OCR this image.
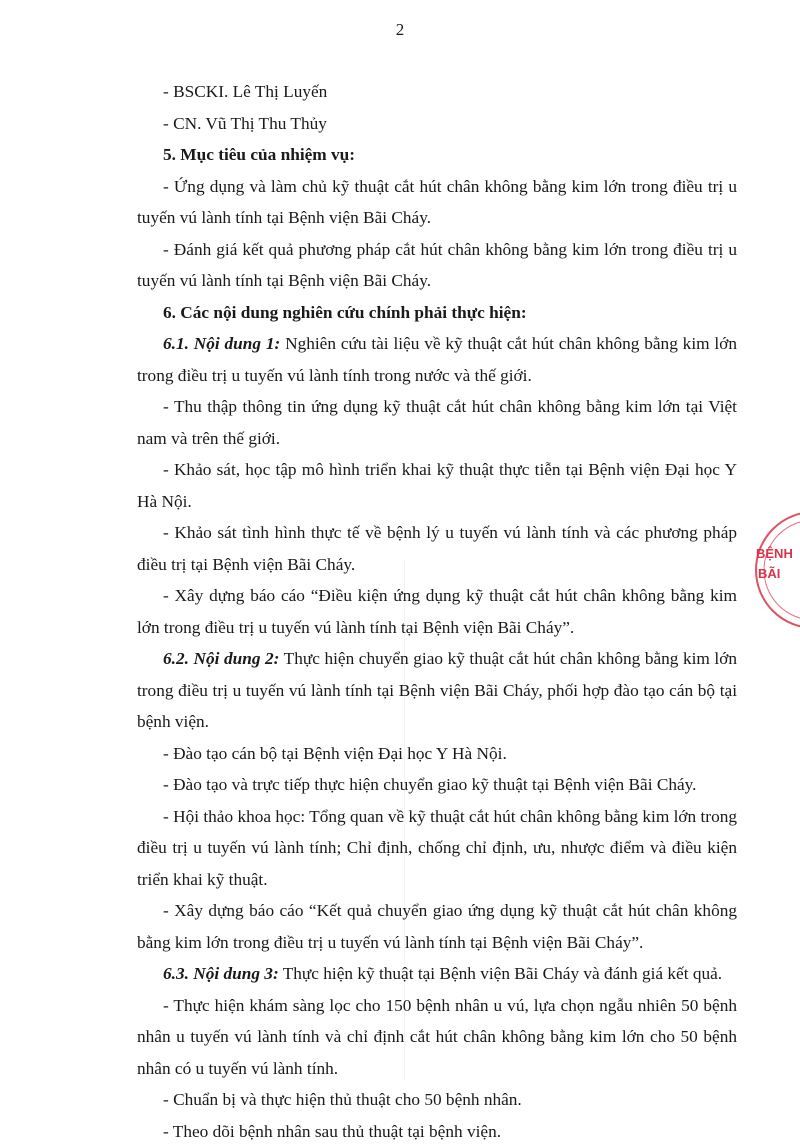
2

- BSCKI. Lê Thị Luyến

- CN. Vũ Thị Thu Thủy

5. Mục tiêu của nhiệm vụ:

- Ứng dụng và làm chủ kỹ thuật cắt hút chân không bằng kim lớn trong điều trị u tuyến vú lành tính tại Bệnh viện Bãi Cháy.

- Đánh giá kết quả phương pháp cắt hút chân không bằng kim lớn trong điều trị u tuyến vú lành tính tại Bệnh viện Bãi Cháy.

6. Các nội dung nghiên cứu chính phải thực hiện:

6.1. Nội dung 1: Nghiên cứu tài liệu về kỹ thuật cắt hút chân không bằng kim lớn trong điều trị u tuyến vú lành tính trong nước và thế giới.

- Thu thập thông tin ứng dụng kỹ thuật cắt hút chân không bằng kim lớn tại Việt nam và trên thế giới.

- Khảo sát, học tập mô hình triển khai kỹ thuật thực tiễn tại Bệnh viện Đại học Y Hà Nội.

- Khảo sát tình hình thực tế về bệnh lý u tuyến vú lành tính và các phương pháp điều trị tại Bệnh viện Bãi Cháy.

- Xây dựng báo cáo “Điều kiện ứng dụng kỹ thuật cắt hút chân không bằng kim lớn trong điều trị u tuyến vú lành tính tại Bệnh viện Bãi Cháy”.

6.2. Nội dung 2: Thực hiện chuyển giao kỹ thuật cắt hút chân không bằng kim lớn trong điều trị u tuyến vú lành tính tại Bệnh viện Bãi Cháy, phối hợp đào tạo cán bộ tại bệnh viện.

- Đào tạo cán bộ tại Bệnh viện Đại học Y Hà Nội.

- Đào tạo và trực tiếp thực hiện chuyển giao kỹ thuật tại Bệnh viện Bãi Cháy.

- Hội thảo khoa học: Tổng quan về kỹ thuật cắt hút chân không bằng kim lớn trong điều trị u tuyến vú lành tính; Chỉ định, chống chỉ định, ưu, nhược điểm và điều kiện triển khai kỹ thuật.

- Xây dựng báo cáo “Kết quả chuyển giao ứng dụng kỹ thuật cắt hút chân không bằng kim lớn trong điều trị u tuyến vú lành tính tại Bệnh viện Bãi Cháy”.

6.3. Nội dung 3: Thực hiện kỹ thuật tại Bệnh viện Bãi Cháy và đánh giá kết quả.

- Thực hiện khám sàng lọc cho 150 bệnh nhân u vú, lựa chọn ngẫu nhiên 50 bệnh nhân u tuyến vú lành tính và chỉ định cắt hút chân không bằng kim lớn cho 50 bệnh nhân có u tuyến vú lành tính.

- Chuẩn bị và thực hiện thủ thuật cho 50 bệnh nhân.

- Theo dõi bệnh nhân sau thủ thuật tại bệnh viện.

BỆNH
BÃI
